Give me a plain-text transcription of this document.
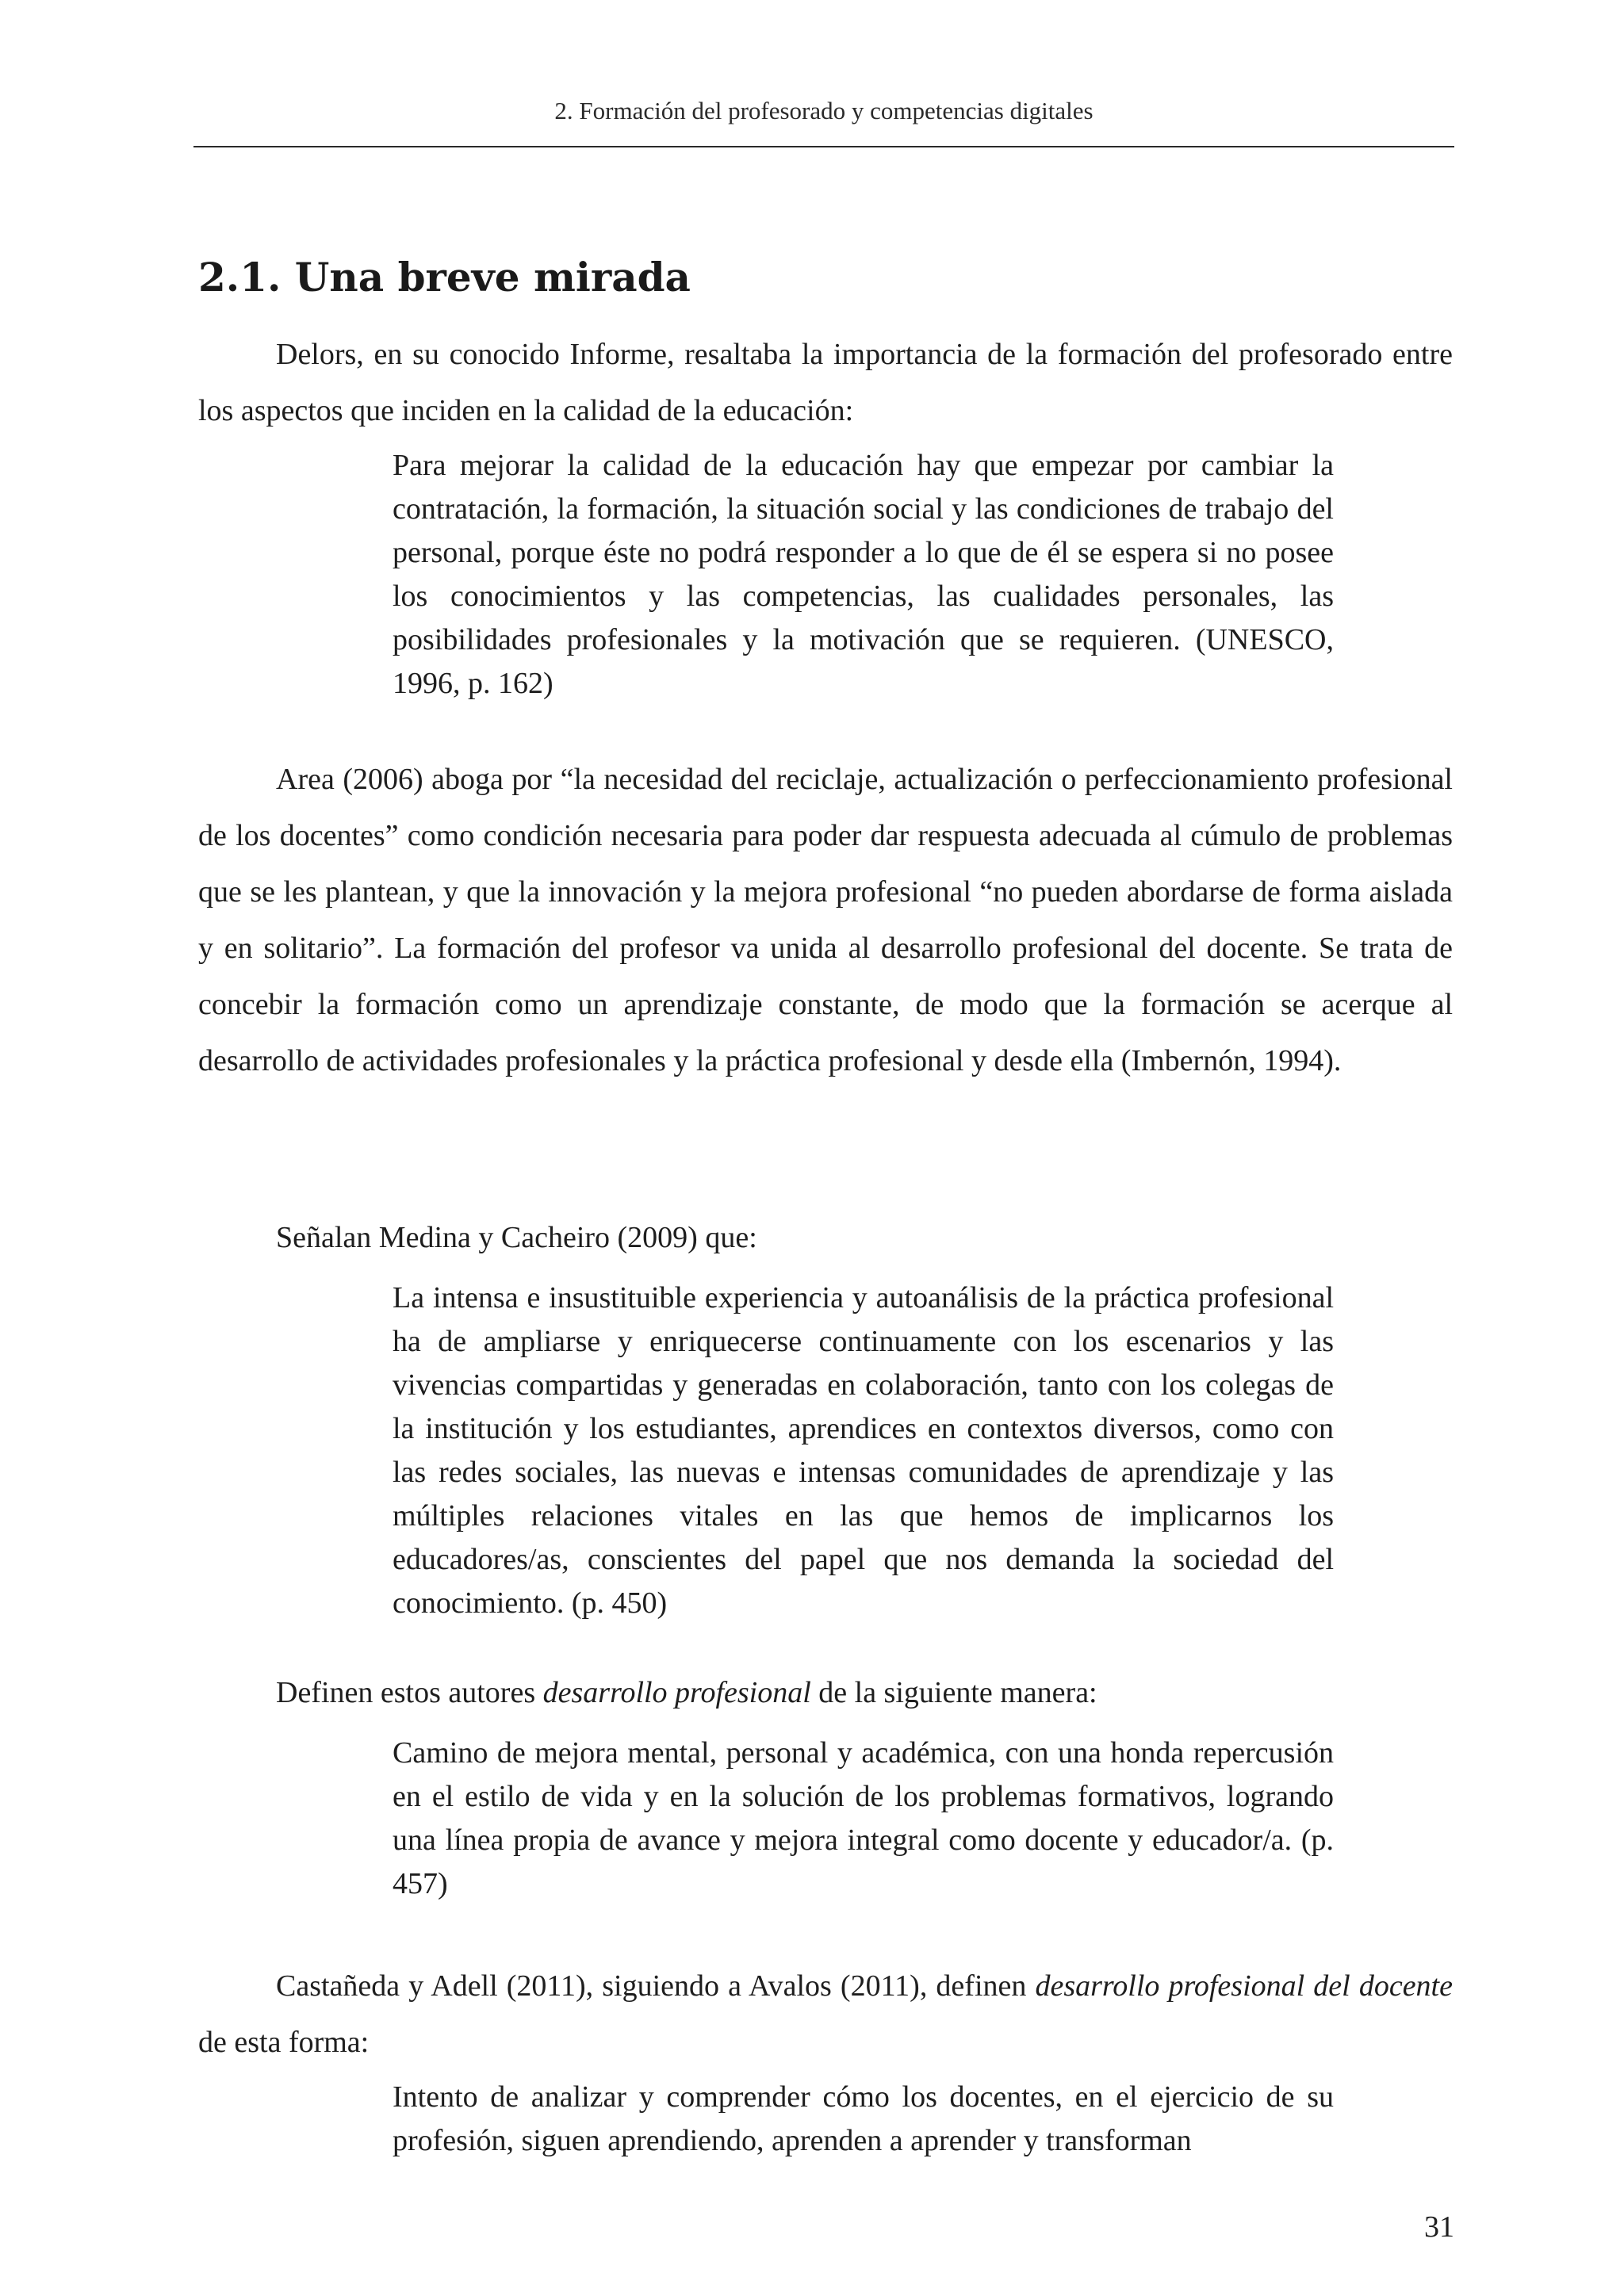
2. Formación del profesorado y competencias digitales
2.1. Una breve mirada

Delors, en su conocido Informe, resaltaba la importancia de la formación del profesorado entre los aspectos que inciden en la calidad de la educación:

Para mejorar la calidad de la educación hay que empezar por cambiar la contratación, la formación, la situación social y las condiciones de trabajo del personal, porque éste no podrá responder a lo que de él se espera si no posee los conocimientos y las competencias, las cualidades personales, las posibilidades profesionales y la motivación que se requieren. (UNESCO, 1996, p. 162)

Area (2006) aboga por “la necesidad del reciclaje, actualización o perfeccionamiento profesional de los docentes” como condición necesaria para poder dar respuesta adecuada al cúmulo de problemas que se les plantean, y que la innovación y la mejora profesional “no pueden abordarse de forma aislada y en solitario”. La formación del profesor va unida al desarrollo profesional del docente. Se trata de concebir la formación como un aprendizaje constante, de modo que la formación se acerque al desarrollo de actividades profesionales y la práctica profesional y desde ella (Imbernón, 1994).

Señalan Medina y Cacheiro (2009) que:

La intensa e insustituible experiencia y autoanálisis de la práctica profesional ha de ampliarse y enriquecerse continuamente con los escenarios y las vivencias compartidas y generadas en colaboración, tanto con los colegas de la institución y los estudiantes, aprendices en contextos diversos, como con las redes sociales, las nuevas e intensas comunidades de aprendizaje y las múltiples relaciones vitales en las que hemos de implicarnos los educadores/as, conscientes del papel que nos demanda la sociedad del conocimiento. (p. 450)

Definen estos autores desarrollo profesional de la siguiente manera:

Camino de mejora mental, personal y académica, con una honda repercusión en el estilo de vida y en la solución de los problemas formativos, logrando una línea propia de avance y mejora integral como docente y educador/a. (p. 457)

Castañeda y Adell (2011), siguiendo a Avalos (2011), definen desarrollo profesional del docente de esta forma:

Intento de analizar y comprender cómo los docentes, en el ejercicio de su profesión, siguen aprendiendo, aprenden a aprender y transforman

31
